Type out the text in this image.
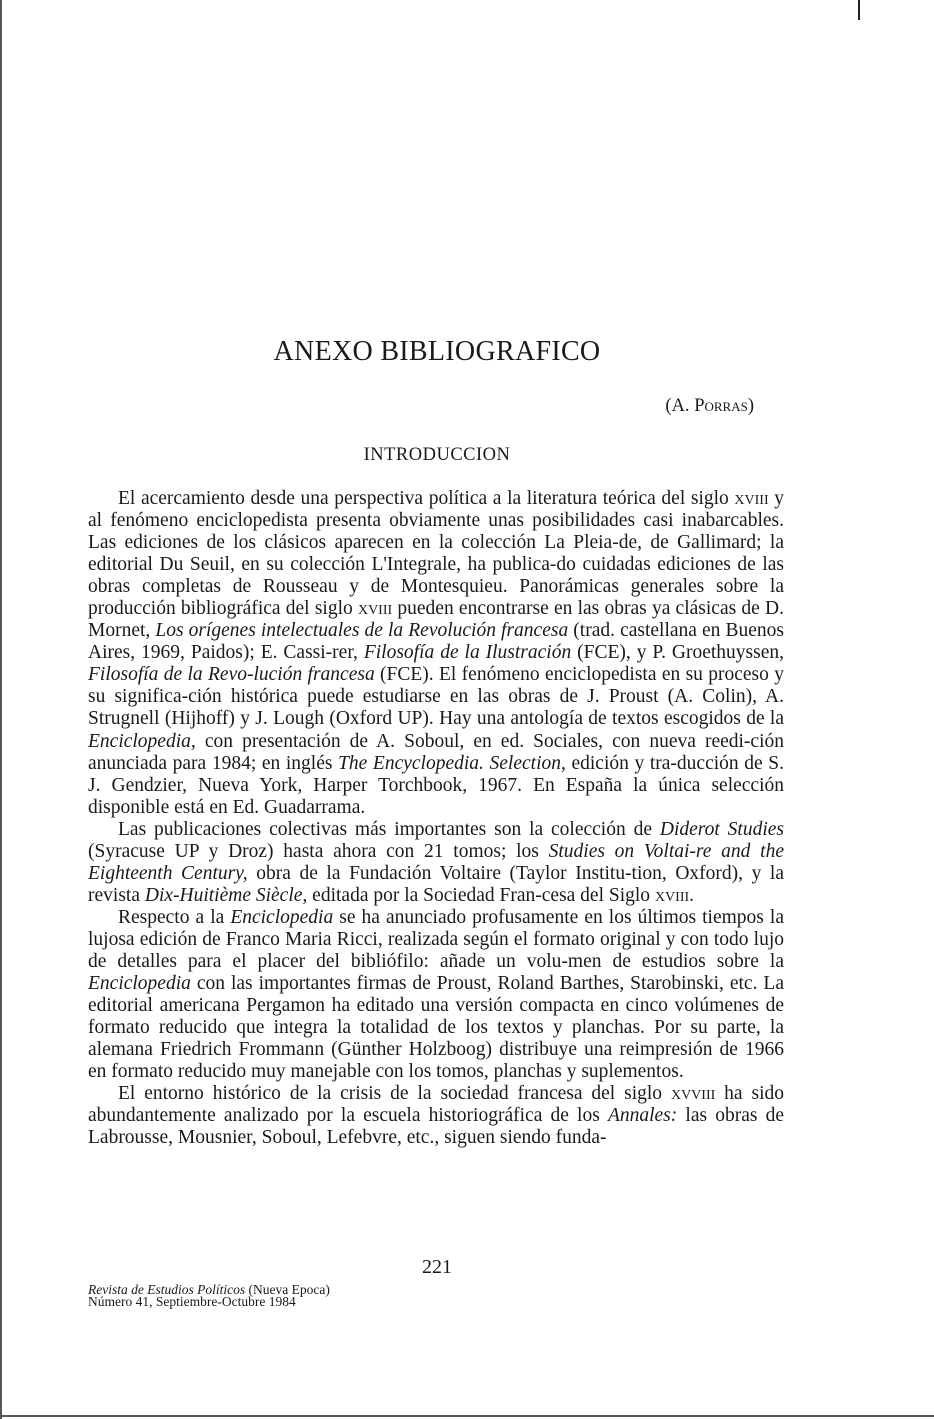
ANEXO BIBLIOGRAFICO
(A. Porras)
INTRODUCCION

El acercamiento desde una perspectiva política a la literatura teórica del siglo xviii y al fenómeno enciclopedista presenta obviamente unas posibilidades casi inabarcables. Las ediciones de los clásicos aparecen en la colección La Pleia-de, de Gallimard; la editorial Du Seuil, en su colección L'Integrale, ha publica-do cuidadas ediciones de las obras completas de Rousseau y de Montesquieu. Panorámicas generales sobre la producción bibliográfica del siglo xviii pueden encontrarse en las obras ya clásicas de D. Mornet, Los orígenes intelectuales de la Revolución francesa (trad. castellana en Buenos Aires, 1969, Paidos); E. Cassi-rer, Filosofía de la Ilustración (FCE), y P. Groethuyssen, Filosofía de la Revo-lución francesa (FCE). El fenómeno enciclopedista en su proceso y su significa-ción histórica puede estudiarse en las obras de J. Proust (A. Colin), A. Strugnell (Hijhoff) y J. Lough (Oxford UP). Hay una antología de textos escogidos de la Enciclopedia, con presentación de A. Soboul, en ed. Sociales, con nueva reedi-ción anunciada para 1984; en inglés The Encyclopedia. Selection, edición y tra-ducción de S. J. Gendzier, Nueva York, Harper Torchbook, 1967. En España la única selección disponible está en Ed. Guadarrama.

Las publicaciones colectivas más importantes son la colección de Diderot Studies (Syracuse UP y Droz) hasta ahora con 21 tomos; los Studies on Voltai-re and the Eighteenth Century, obra de la Fundación Voltaire (Taylor Institu-tion, Oxford), y la revista Dix-Huitième Siècle, editada por la Sociedad Fran-cesa del Siglo xviii.

Respecto a la Enciclopedia se ha anunciado profusamente en los últimos tiempos la lujosa edición de Franco Maria Ricci, realizada según el formato original y con todo lujo de detalles para el placer del bibliófilo: añade un volu-men de estudios sobre la Enciclopedia con las importantes firmas de Proust, Roland Barthes, Starobinski, etc. La editorial americana Pergamon ha editado una versión compacta en cinco volúmenes de formato reducido que integra la totalidad de los textos y planchas. Por su parte, la alemana Friedrich Frommann (Günther Holzboog) distribuye una reimpresión de 1966 en formato reducido muy manejable con los tomos, planchas y suplementos.

El entorno histórico de la crisis de la sociedad francesa del siglo xvviii ha sido abundantemente analizado por la escuela historiográfica de los Annales: las obras de Labrousse, Mousnier, Soboul, Lefebvre, etc., siguen siendo funda-

221
Revista de Estudios Políticos (Nueva Epoca)
Número 41, Septiembre-Octubre 1984
